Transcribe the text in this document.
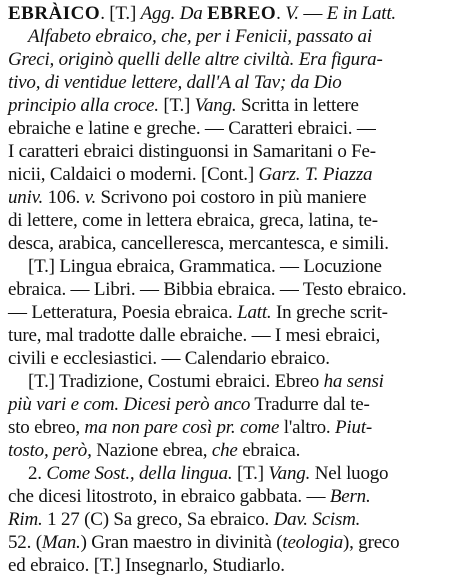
EBRÀICO. [T.] Agg. Da EBREO. V. — E in Latt.
Alfabeto ebraico, che, per i Fenicii, passato ai
Greci, originò quelli delle altre civiltà. Era figura-
tivo, di ventidue lettere, dall'A al Tav; da Dio
principio alla croce. [T.] Vang. Scritta in lettere
ebraiche e latine e greche. — Caratteri ebraici. —
I caratteri ebraici distinguonsi in Samaritani o Fe-
nicii, Caldaici o moderni. [Cont.] Garz. T. Piazza
univ. 106. v. Scrivono poi costoro in più maniere
di lettere, come in lettera ebraica, greca, latina, te-
desca, arabica, cancelleresca, mercantesca, e simili.
[T.] Lingua ebraica, Grammatica. — Locuzione
ebraica. — Libri. — Bibbia ebraica. — Testo ebraico.
— Letteratura, Poesia ebraica. Latt. In greche scrit-
ture, mal tradotte dalle ebraiche. — I mesi ebraici,
civili e ecclesiastici. — Calendario ebraico.
[T.] Tradizione, Costumi ebraici. Ebreo ha sensi
più vari e com. Dicesi però anco Tradurre dal te-
sto ebreo, ma non pare così pr. come l'altro. Piut-
tosto, però, Nazione ebrea, che ebraica.
2. Come Sost., della lingua. [T.] Vang. Nel luogo
che dicesi litostroto, in ebraico gabbata. — Bern.
Rim. 1 27 (C) Sa greco, Sa ebraico. Dav. Scism.
52. (Man.) Gran maestro in divinità (teologia), greco
ed ebraico. [T.] Insegnarlo, Studiarlo.
